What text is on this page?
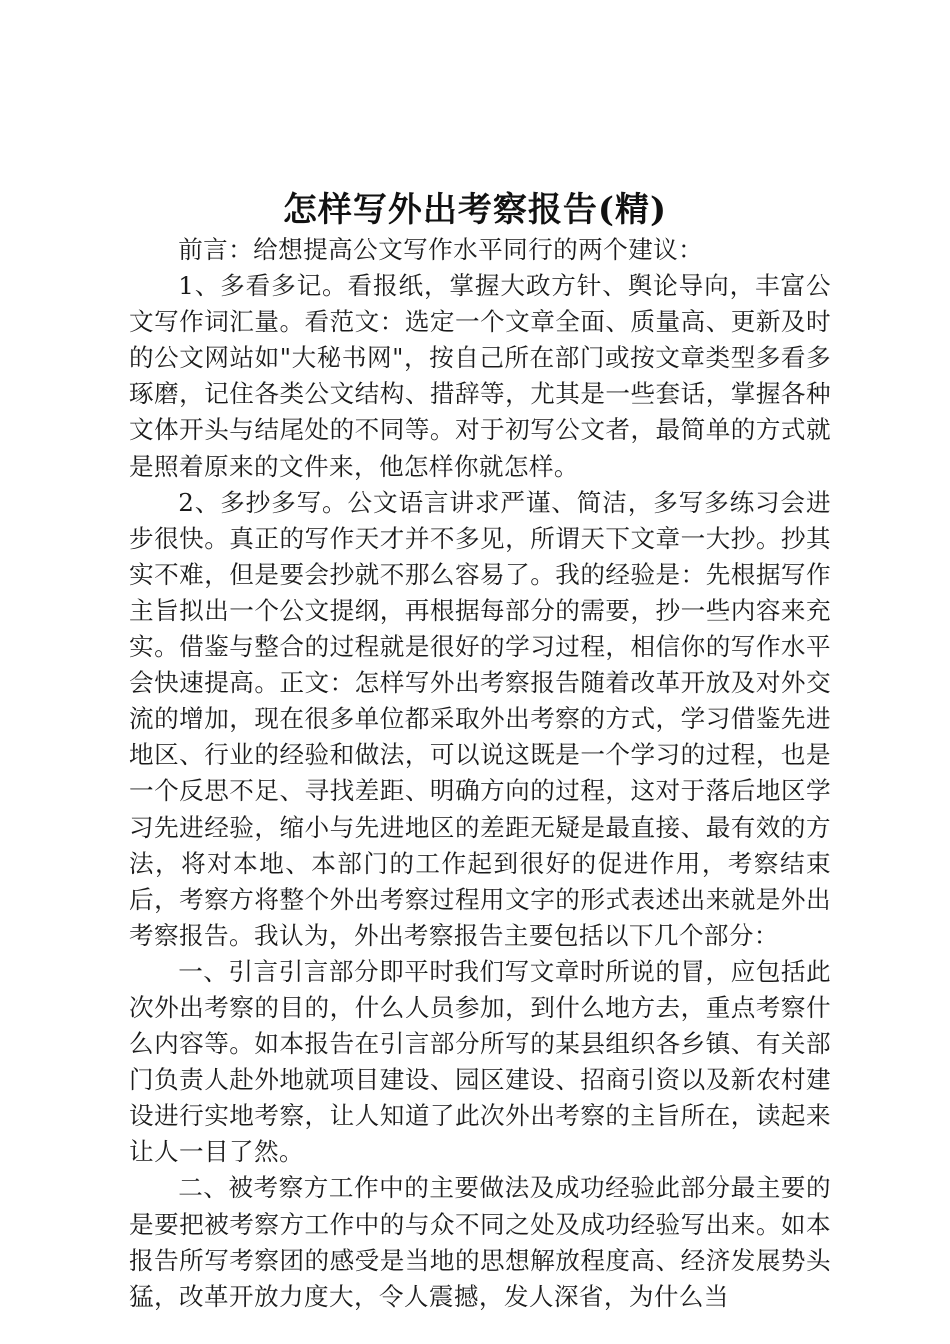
怎样写外出考察报告(精)

前言：给想提高公文写作水平同行的两个建议：

1、多看多记。看报纸，掌握大政方针、舆论导向，丰富公文写作词汇量。看范文：选定一个文章全面、质量高、更新及时的公文网站如"大秘书网"，按自己所在部门或按文章类型多看多琢磨，记住各类公文结构、措辞等，尤其是一些套话，掌握各种文体开头与结尾处的不同等。对于初写公文者，最简单的方式就是照着原来的文件来，他怎样你就怎样。

2、多抄多写。公文语言讲求严谨、简洁，多写多练习会进步很快。真正的写作天才并不多见，所谓天下文章一大抄。抄其实不难，但是要会抄就不那么容易了。我的经验是：先根据写作主旨拟出一个公文提纲，再根据每部分的需要，抄一些内容来充实。借鉴与整合的过程就是很好的学习过程，相信你的写作水平会快速提高。正文：怎样写外出考察报告随着改革开放及对外交流的增加，现在很多单位都采取外出考察的方式，学习借鉴先进地区、行业的经验和做法，可以说这既是一个学习的过程，也是一个反思不足、寻找差距、明确方向的过程，这对于落后地区学习先进经验，缩小与先进地区的差距无疑是最直接、最有效的方法，将对本地、本部门的工作起到很好的促进作用，考察结束后，考察方将整个外出考察过程用文字的形式表述出来就是外出考察报告。我认为，外出考察报告主要包括以下几个部分：

一、引言引言部分即平时我们写文章时所说的冒，应包括此次外出考察的目的，什么人员参加，到什么地方去，重点考察什么内容等。如本报告在引言部分所写的某县组织各乡镇、有关部门负责人赴外地就项目建设、园区建设、招商引资以及新农村建设进行实地考察，让人知道了此次外出考察的主旨所在，读起来让人一目了然。

二、被考察方工作中的主要做法及成功经验此部分最主要的是要把被考察方工作中的与众不同之处及成功经验写出来。如本报告所写考察团的感受是当地的思想解放程度高、经济发展势头猛，改革开放力度大，令人震撼，发人深省，为什么当
